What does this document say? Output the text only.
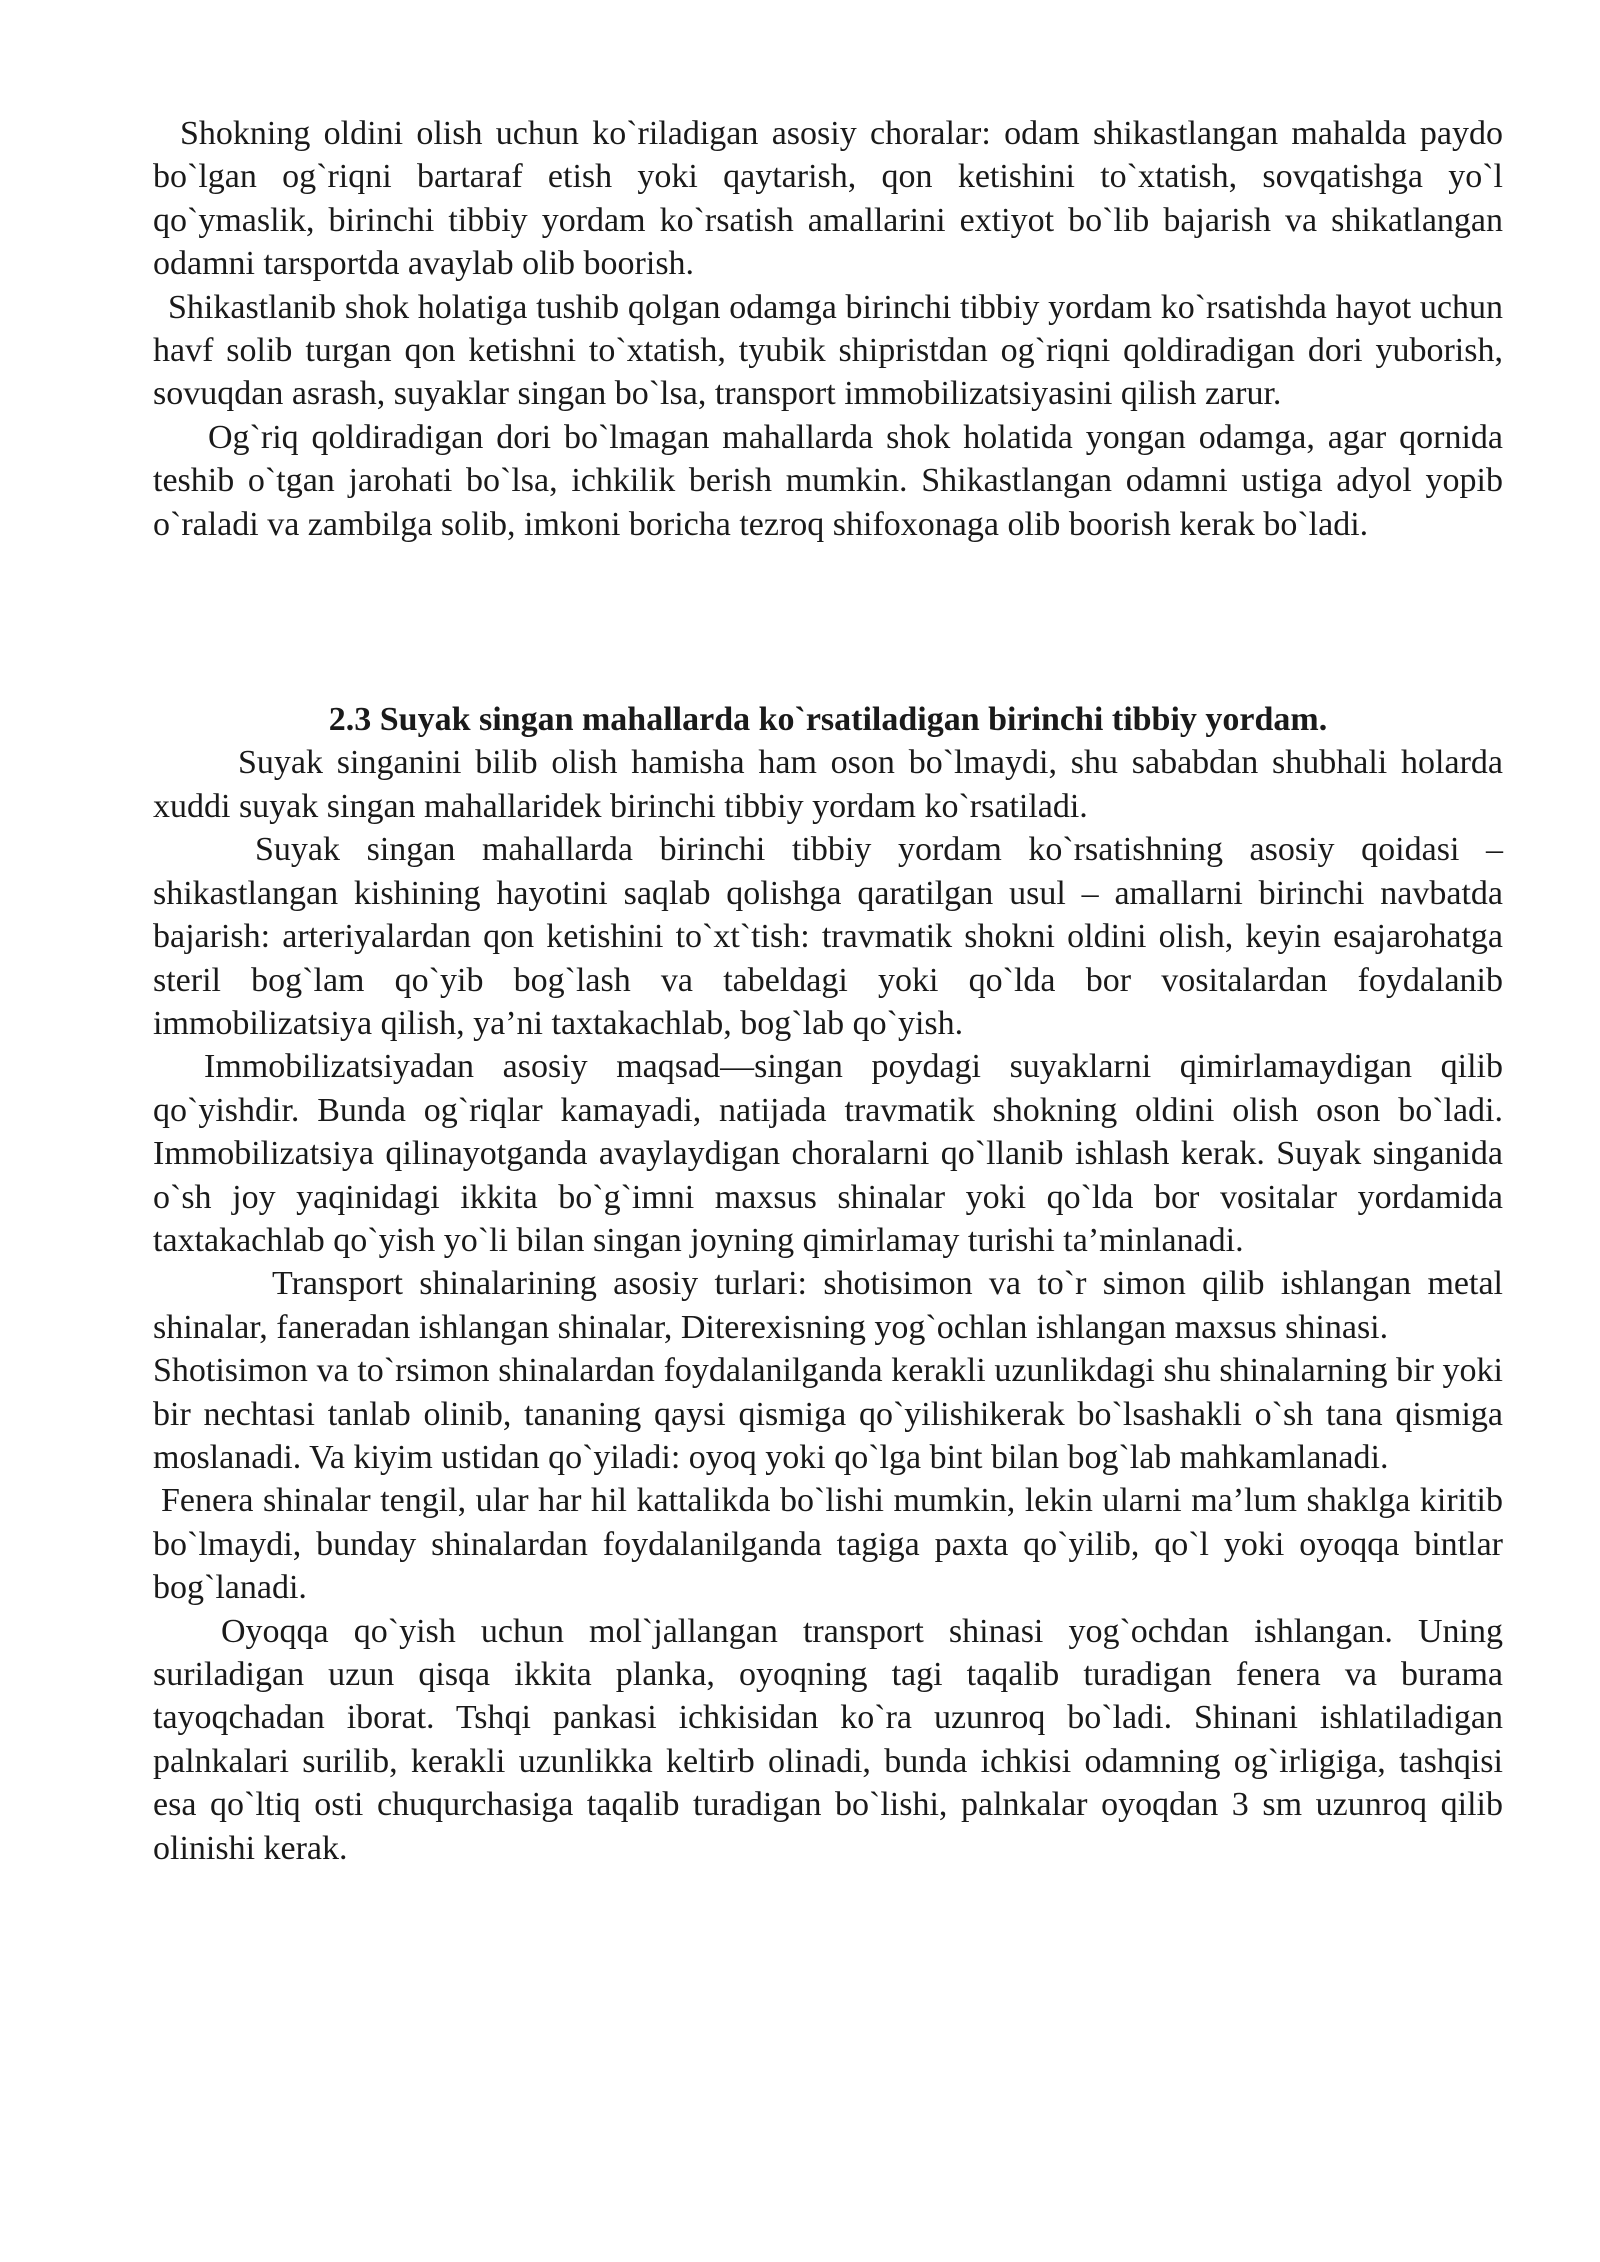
Shokning oldini olish uchun ko`riladigan asosiy choralar: odam shikastlangan mahalda paydo bo`lgan og`riqni bartaraf etish yoki qaytarish, qon ketishini to`xtatish, sovqatishga yo`l qo`ymaslik, birinchi tibbiy yordam ko`rsatish amallarini extiyot bo`lib bajarish va shikatlangan odamni tarsportda avaylab olib boorish.

Shikastlanib shok holatiga tushib qolgan odamga birinchi tibbiy yordam ko`rsatishda hayot uchun havf solib turgan qon ketishni to`xtatish, tyubik shipristdan og`riqni qoldiradigan dori yuborish, sovuqdan asrash, suyaklar singan bo`lsa, transport immobilizatsiyasini qilish zarur.

Og`riq qoldiradigan dori bo`lmagan mahallarda shok holatida yongan odamga, agar qornida teshib o`tgan jarohati bo`lsa, ichkilik berish mumkin. Shikastlangan odamni ustiga adyol yopib o`raladi va zambilga solib, imkoni boricha tezroq shifoxonaga olib boorish kerak bo`ladi.

2.3 Suyak singan mahallarda ko`rsatiladigan birinchi tibbiy yordam.

Suyak singanini bilib olish hamisha ham oson bo`lmaydi, shu sababdan shubhali holarda xuddi suyak singan mahallaridek birinchi tibbiy yordam ko`rsatiladi.

Suyak singan mahallarda birinchi tibbiy yordam ko`rsatishning asosiy qoidasi – shikastlangan kishining hayotini saqlab qolishga qaratilgan usul – amallarni birinchi navbatda bajarish: arteriyalardan qon ketishini to`xt`tish: travmatik shokni oldini olish, keyin esajarohatga steril bog`lam qo`yib bog`lash va tabeldagi yoki qo`lda bor vositalardan foydalanib immobilizatsiya qilish, ya’ni taxtakachlab, bog`lab qo`yish.

Immobilizatsiyadan asosiy maqsad—singan poydagi suyaklarni qimirlamaydigan qilib qo`yishdir. Bunda og`riqlar kamayadi, natijada travmatik shokning oldini olish oson bo`ladi. Immobilizatsiya qilinayotganda avaylaydigan choralarni qo`llanib ishlash kerak. Suyak singanida o`sh joy yaqinidagi ikkita bo`g`imni maxsus shinalar yoki qo`lda bor vositalar yordamida taxtakachlab qo`yish yo`li bilan singan joyning qimirlamay turishi ta’minlanadi.

Transport shinalarining asosiy turlari: shotisimon va to`r simon qilib ishlangan metal shinalar, faneradan ishlangan shinalar, Diterexisning yog`ochlan ishlangan maxsus shinasi.

Shotisimon va to`rsimon shinalardan foydalanilganda kerakli uzunlikdagi shu shinalarning bir yoki bir nechtasi tanlab olinib, tananing qaysi qismiga qo`yilishikerak bo`lsashakli o`sh tana qismiga moslanadi. Va kiyim ustidan qo`yiladi: oyoq yoki qo`lga bint bilan bog`lab mahkamlanadi.

Fenera shinalar tengil, ular har hil kattalikda bo`lishi mumkin, lekin ularni ma’lum shaklga kiritib bo`lmaydi, bunday shinalardan foydalanilganda tagiga paxta qo`yilib, qo`l yoki oyoqqa bintlar bog`lanadi.

Oyoqqa qo`yish uchun mol`jallangan transport shinasi yog`ochdan ishlangan. Uning suriladigan uzun qisqa ikkita planka, oyoqning tagi taqalib turadigan fenera va burama tayoqchadan iborat. Tshqi pankasi ichkisidan ko`ra uzunroq bo`ladi. Shinani ishlatiladigan palnkalari surilib, kerakli uzunlikka keltirb olinadi, bunda ichkisi odamning og`irligiga, tashqisi esa qo`ltiq osti chuqurchasiga taqalib turadigan bo`lishi, palnkalar oyoqdan 3 sm uzunroq qilib olinishi kerak.
